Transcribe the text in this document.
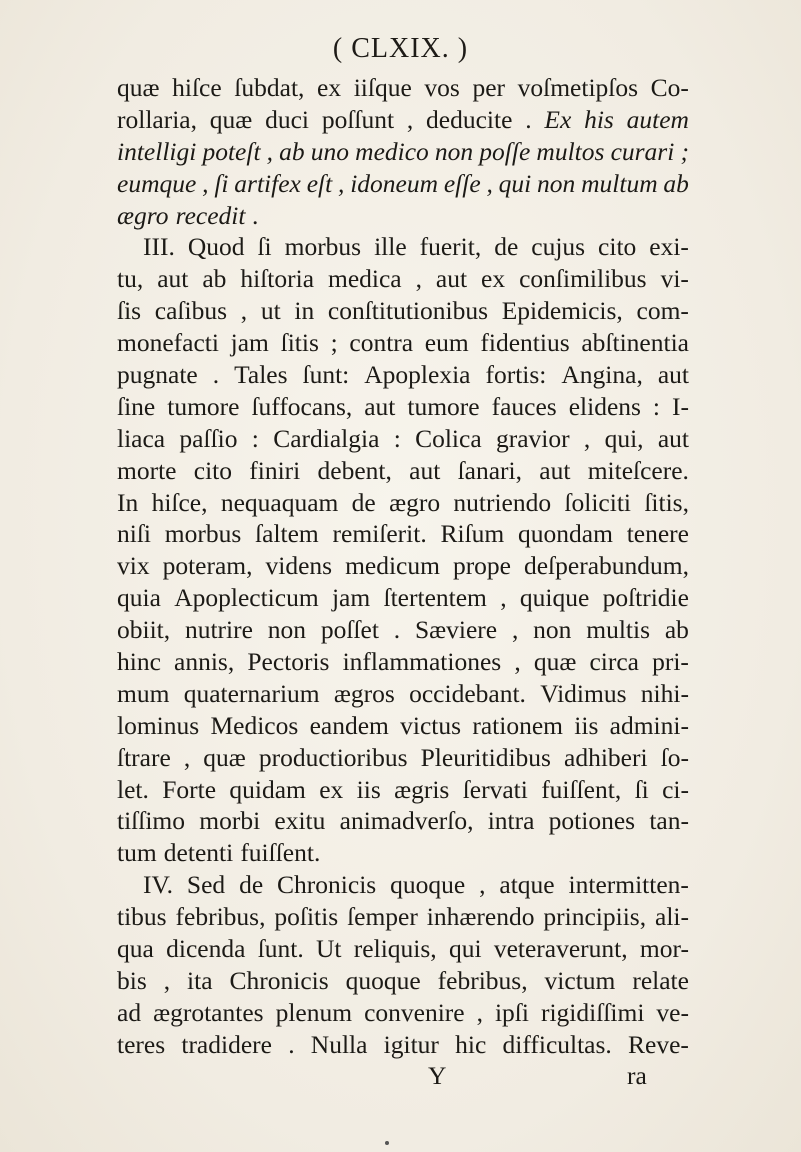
( CLXIX. )
quæ hiſce ſubdat, ex iiſque vos per voſmetipſos Co-
rollaria, quæ duci poſſunt , deducite . Ex his autem
intelligi poteſt , ab uno medico non poſſe multos curari ;
eumque , ſi artifex eſt , idoneum eſſe , qui non multum ab
ægro recedit .
III. Quod ſi morbus ille fuerit, de cujus cito exi-
tu, aut ab hiſtoria medica , aut ex conſimilibus vi-
ſis caſibus , ut in conſtitutionibus Epidemicis, com-
monefacti jam ſitis ; contra eum fidentius abſtinentia
pugnate . Tales ſunt: Apoplexia fortis: Angina, aut
ſine tumore ſuffocans, aut tumore fauces elidens : I-
liaca paſſio : Cardialgia : Colica gravior , qui, aut
morte cito finiri debent, aut ſanari, aut miteſcere.
In hiſce, nequaquam de ægro nutriendo ſoliciti ſitis,
niſi morbus ſaltem remiſerit. Riſum quondam tenere
vix poteram, videns medicum prope deſperabundum,
quia Apoplecticum jam ſtertentem , quique poſtridie
obiit, nutrire non poſſet . Sæviere , non multis ab
hinc annis, Pectoris inflammationes , quæ circa pri-
mum quaternarium ægros occidebant. Vidimus nihi-
lominus Medicos eandem victus rationem iis admini-
ſtrare , quæ productioribus Pleuritidibus adhiberi ſo-
let. Forte quidam ex iis ægris ſervati fuiſſent, ſi ci-
tiſſimo morbi exitu animadverſo, intra potiones tan-
tum detenti fuiſſent.
IV. Sed de Chronicis quoque , atque intermitten-
tibus febribus, poſitis ſemper inhærendo principiis, ali-
qua dicenda ſunt. Ut reliquis, qui veteraverunt, mor-
bis , ita Chronicis quoque febribus, victum relate
ad ægrotantes plenum convenire , ipſi rigidiſſimi ve-
teres tradidere . Nulla igitur hic difficultas. Reve-
Y	ra
